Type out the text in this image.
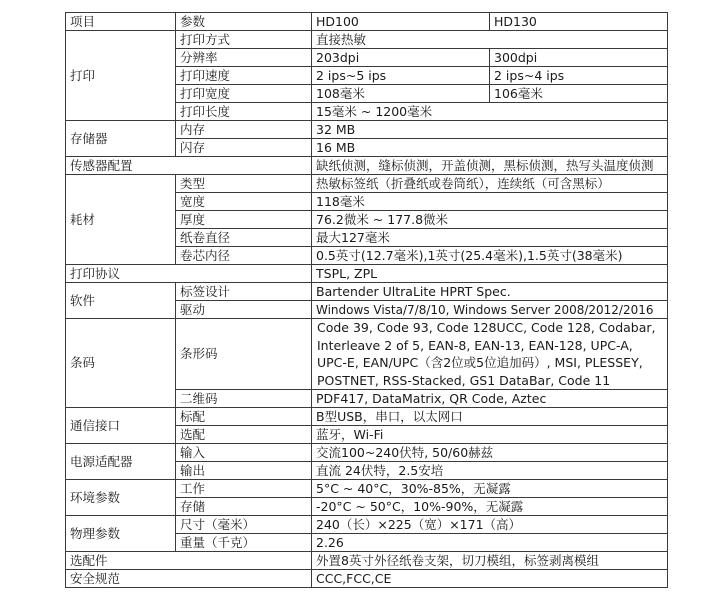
项目	参数	HD100	HD130
打印	打印方式	直接热敏	
	分辨率	203dpi	300dpi
	打印速度	2 ips~5 ips	2 ips~4 ips
	打印宽度	108毫米	106毫米
	打印长度	15毫米 ~ 1200毫米	
存储器	内存	32 MB	
	闪存	16 MB	
传感器配置		缺纸侦测，缝标侦测，开盖侦测，黑标侦测，热写头温度侦测	
耗材	类型	热敏标签纸（折叠纸或卷筒纸），连续纸（可含黑标）	
	宽度	118毫米	
	厚度	76.2微米 ~ 177.8微米	
	纸卷直径	最大127毫米	
	卷芯内径	0.5英寸(12.7毫米),1英寸(25.4毫米),1.5英寸(38毫米)	
打印协议		TSPL, ZPL	
软件	标签设计	Bartender UltraLite HPRT Spec.	
	驱动	Windows Vista/7/8/10, Windows Server 2008/2012/2016	
条码	条形码	Code 39, Code 93, Code 128UCC, Code 128, Codabar, Interleave 2 of 5, EAN-8, EAN-13, EAN-128, UPC-A, UPC-E, EAN/UPC（含2位或5位追加码）, MSI, PLESSEY, POSTNET, RSS-Stacked, GS1 DataBar, Code 11	
	二维码	PDF417, DataMatrix, QR Code, Aztec	
通信接口	标配	B型USB，串口，以太网口	
	选配	蓝牙，Wi-Fi	
电源适配器	输入	交流100~240伏特, 50/60赫兹	
	输出	直流 24伏特，2.5安培	
环境参数	工作	5°C ~ 40°C，30%-85%，无凝露	
	存储	-20°C ~ 50°C，10%-90%，无凝露	
物理参数	尺寸（毫米）	240（长）×225（宽）×171（高）	
	重量（千克）	2.26	
选配件		外置8英寸外径纸卷支架，切刀模组，标签剥离模组	
安全规范		CCC,FCC,CE	
